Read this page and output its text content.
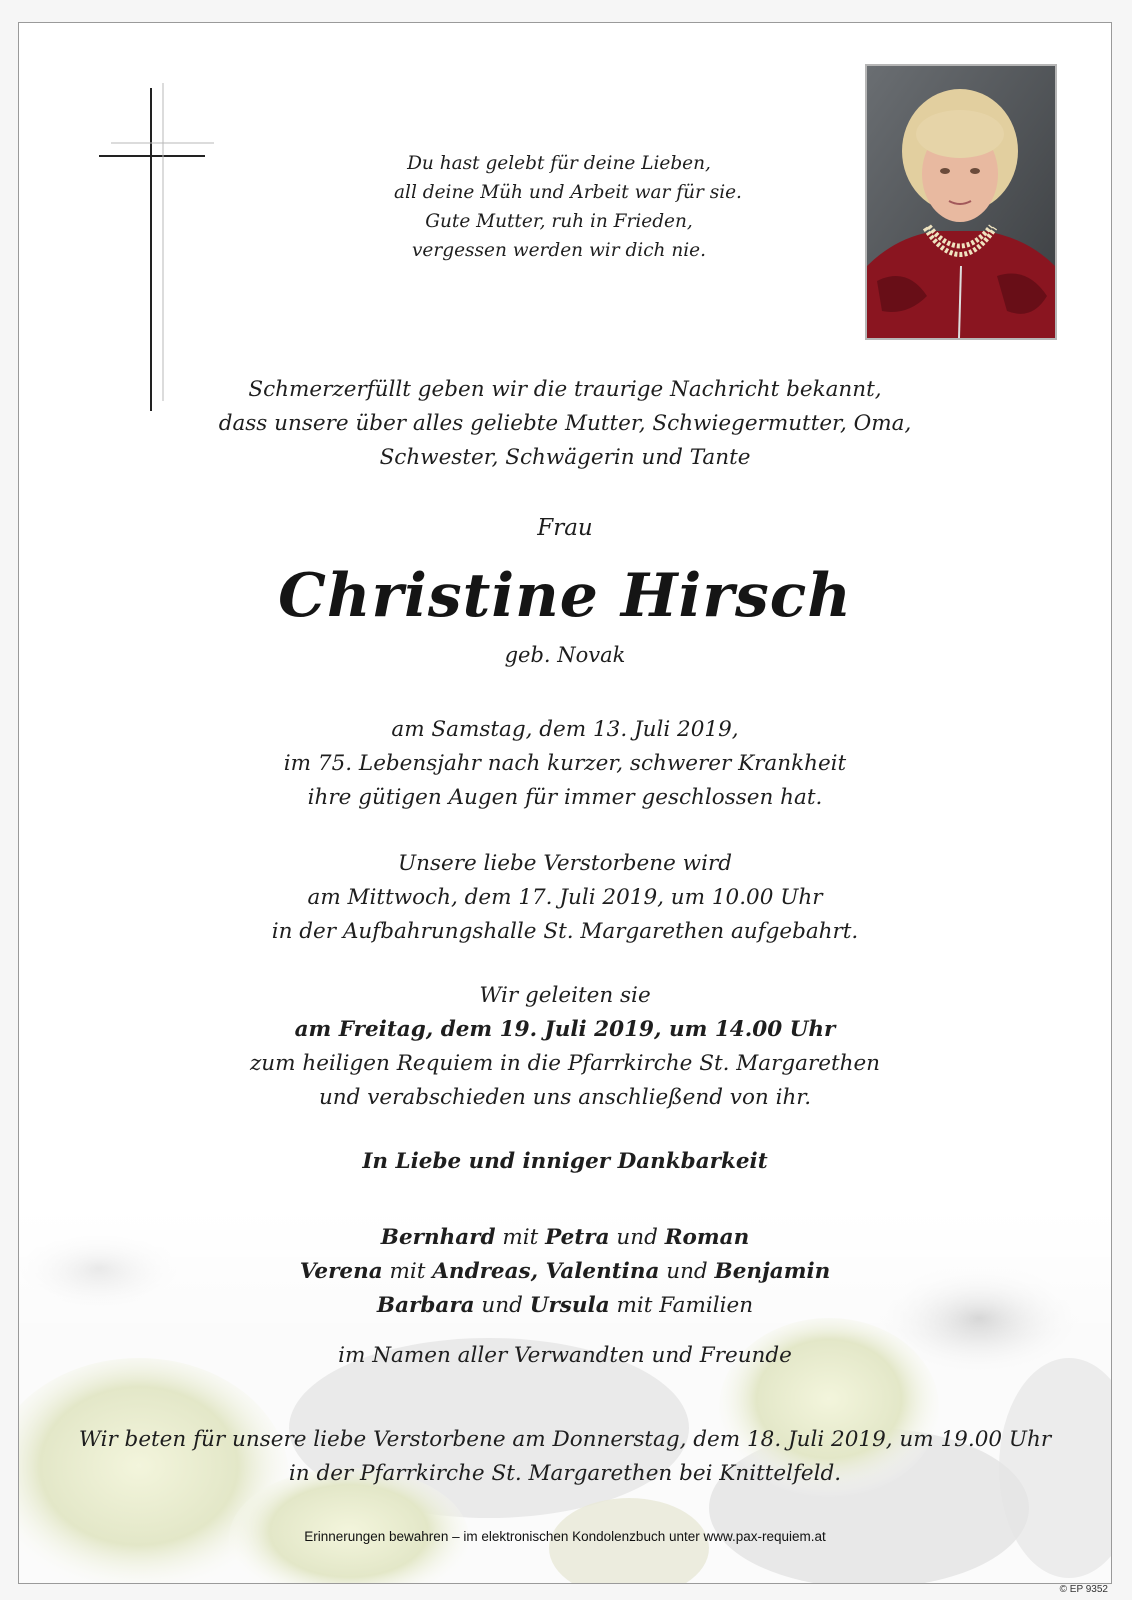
Du hast gelebt für deine Lieben,
all deine Müh und Arbeit war für sie.
Gute Mutter, ruh in Frieden,
vergessen werden wir dich nie.
Schmerzerfüllt geben wir die traurige Nachricht bekannt,
dass unsere über alles geliebte Mutter, Schwiegermutter, Oma,
Schwester, Schwägerin und Tante
Frau
Christine Hirsch
geb. Novak
am Samstag, dem 13. Juli 2019,
im 75. Lebensjahr nach kurzer, schwerer Krankheit
ihre gütigen Augen für immer geschlossen hat.
Unsere liebe Verstorbene wird
am Mittwoch, dem 17. Juli 2019, um 10.00 Uhr
in der Aufbahrungshalle St. Margarethen aufgebahrt.
Wir geleiten sie
am Freitag, dem 19. Juli 2019, um 14.00 Uhr
zum heiligen Requiem in die Pfarrkirche St. Margarethen
und verabschieden uns anschließend von ihr.
In Liebe und inniger Dankbarkeit
Bernhard mit Petra und Roman
Verena mit Andreas, Valentina und Benjamin
Barbara und Ursula mit Familien
im Namen aller Verwandten und Freunde
Wir beten für unsere liebe Verstorbene am Donnerstag, dem 18. Juli 2019, um 19.00 Uhr
in der Pfarrkirche St. Margarethen bei Knittelfeld.
Erinnerungen bewahren – im elektronischen Kondolenzbuch unter www.pax-requiem.at
© EP 9352
